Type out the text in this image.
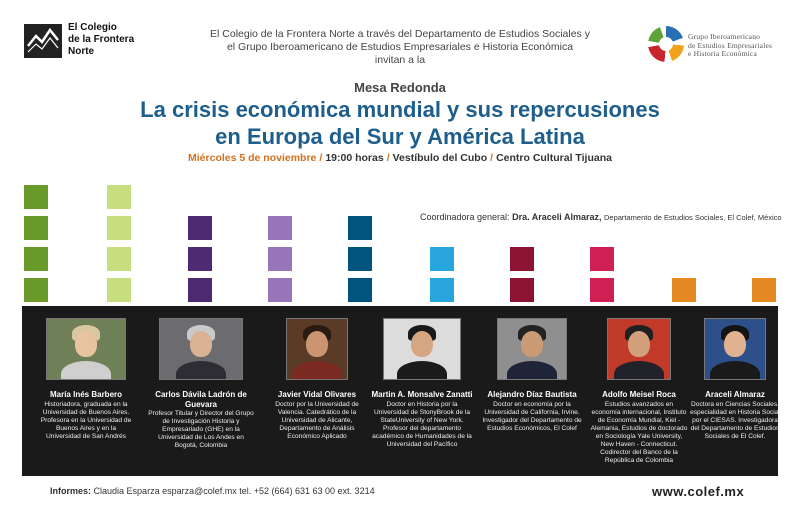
El Colegio
de la Frontera
Norte
El Colegio de la Frontera Norte a través del Departamento de Estudios Sociales y
el Grupo Iberoamericano de Estudios Empresariales e Historia Económica
invitan a la
Grupo Iberoamericano
de Estudios Empresariales
e Historia Económica
Mesa Redonda
La crisis económica mundial y sus repercusiones
en Europa del Sur y América Latina
Miércoles 5 de noviembre / 19:00 horas / Vestíbulo del Cubo / Centro Cultural Tijuana
Coordinadora general: Dra. Araceli Almaraz, Departamento de Estudios Sociales, El Colef, México
María Inés Barbero
Historiadora, graduada en la Universidad de Buenos Aires. Profesora en la Universidad de Buenos Aires y en la Universidad de San Andrés
Carlos Dávila Ladrón de Guevara
Profesor Titular y Director del Grupo de Investigación Historia y Empresariado (GHE) en la Universidad de Los Andes en Bogotá, Colombia
Javier Vidal Olivares
Doctor por la Universidad de Valencia. Catedrático de la Universidad de Alicante, Departamento de Análisis Económico Aplicado
Martin A. Monsalve Zanatti
Doctor en Historia por la Universidad de StonyBrook de la StateUniversity of New York. Profesor del departamento académico de Humanidades de la Universidad del Pacífico
Alejandro Díaz Bautista
Doctor en economía por la Universidad de California, Irvine. Investigador del Departamento de Estudios Económicos, El Colef
Adolfo Meisel Roca
Estudios avanzados en economía internacional, Instituto de Economía Mundial, Kiel - Alemania, Estudios de doctorado en Sociología Yale University, New Haven - Connecticut. Codirector del Banco de la República de Colombia
Araceli Almaraz
Doctora en Ciencias Sociales, especialidad en Historia Social por el CIESAS. Investigadora del Departamento de Estudios Sociales de El Colef.
Informes: Claudia Esparza esparza@colef.mx tel. +52 (664) 631 63 00 ext. 3214	www.colef.mx
